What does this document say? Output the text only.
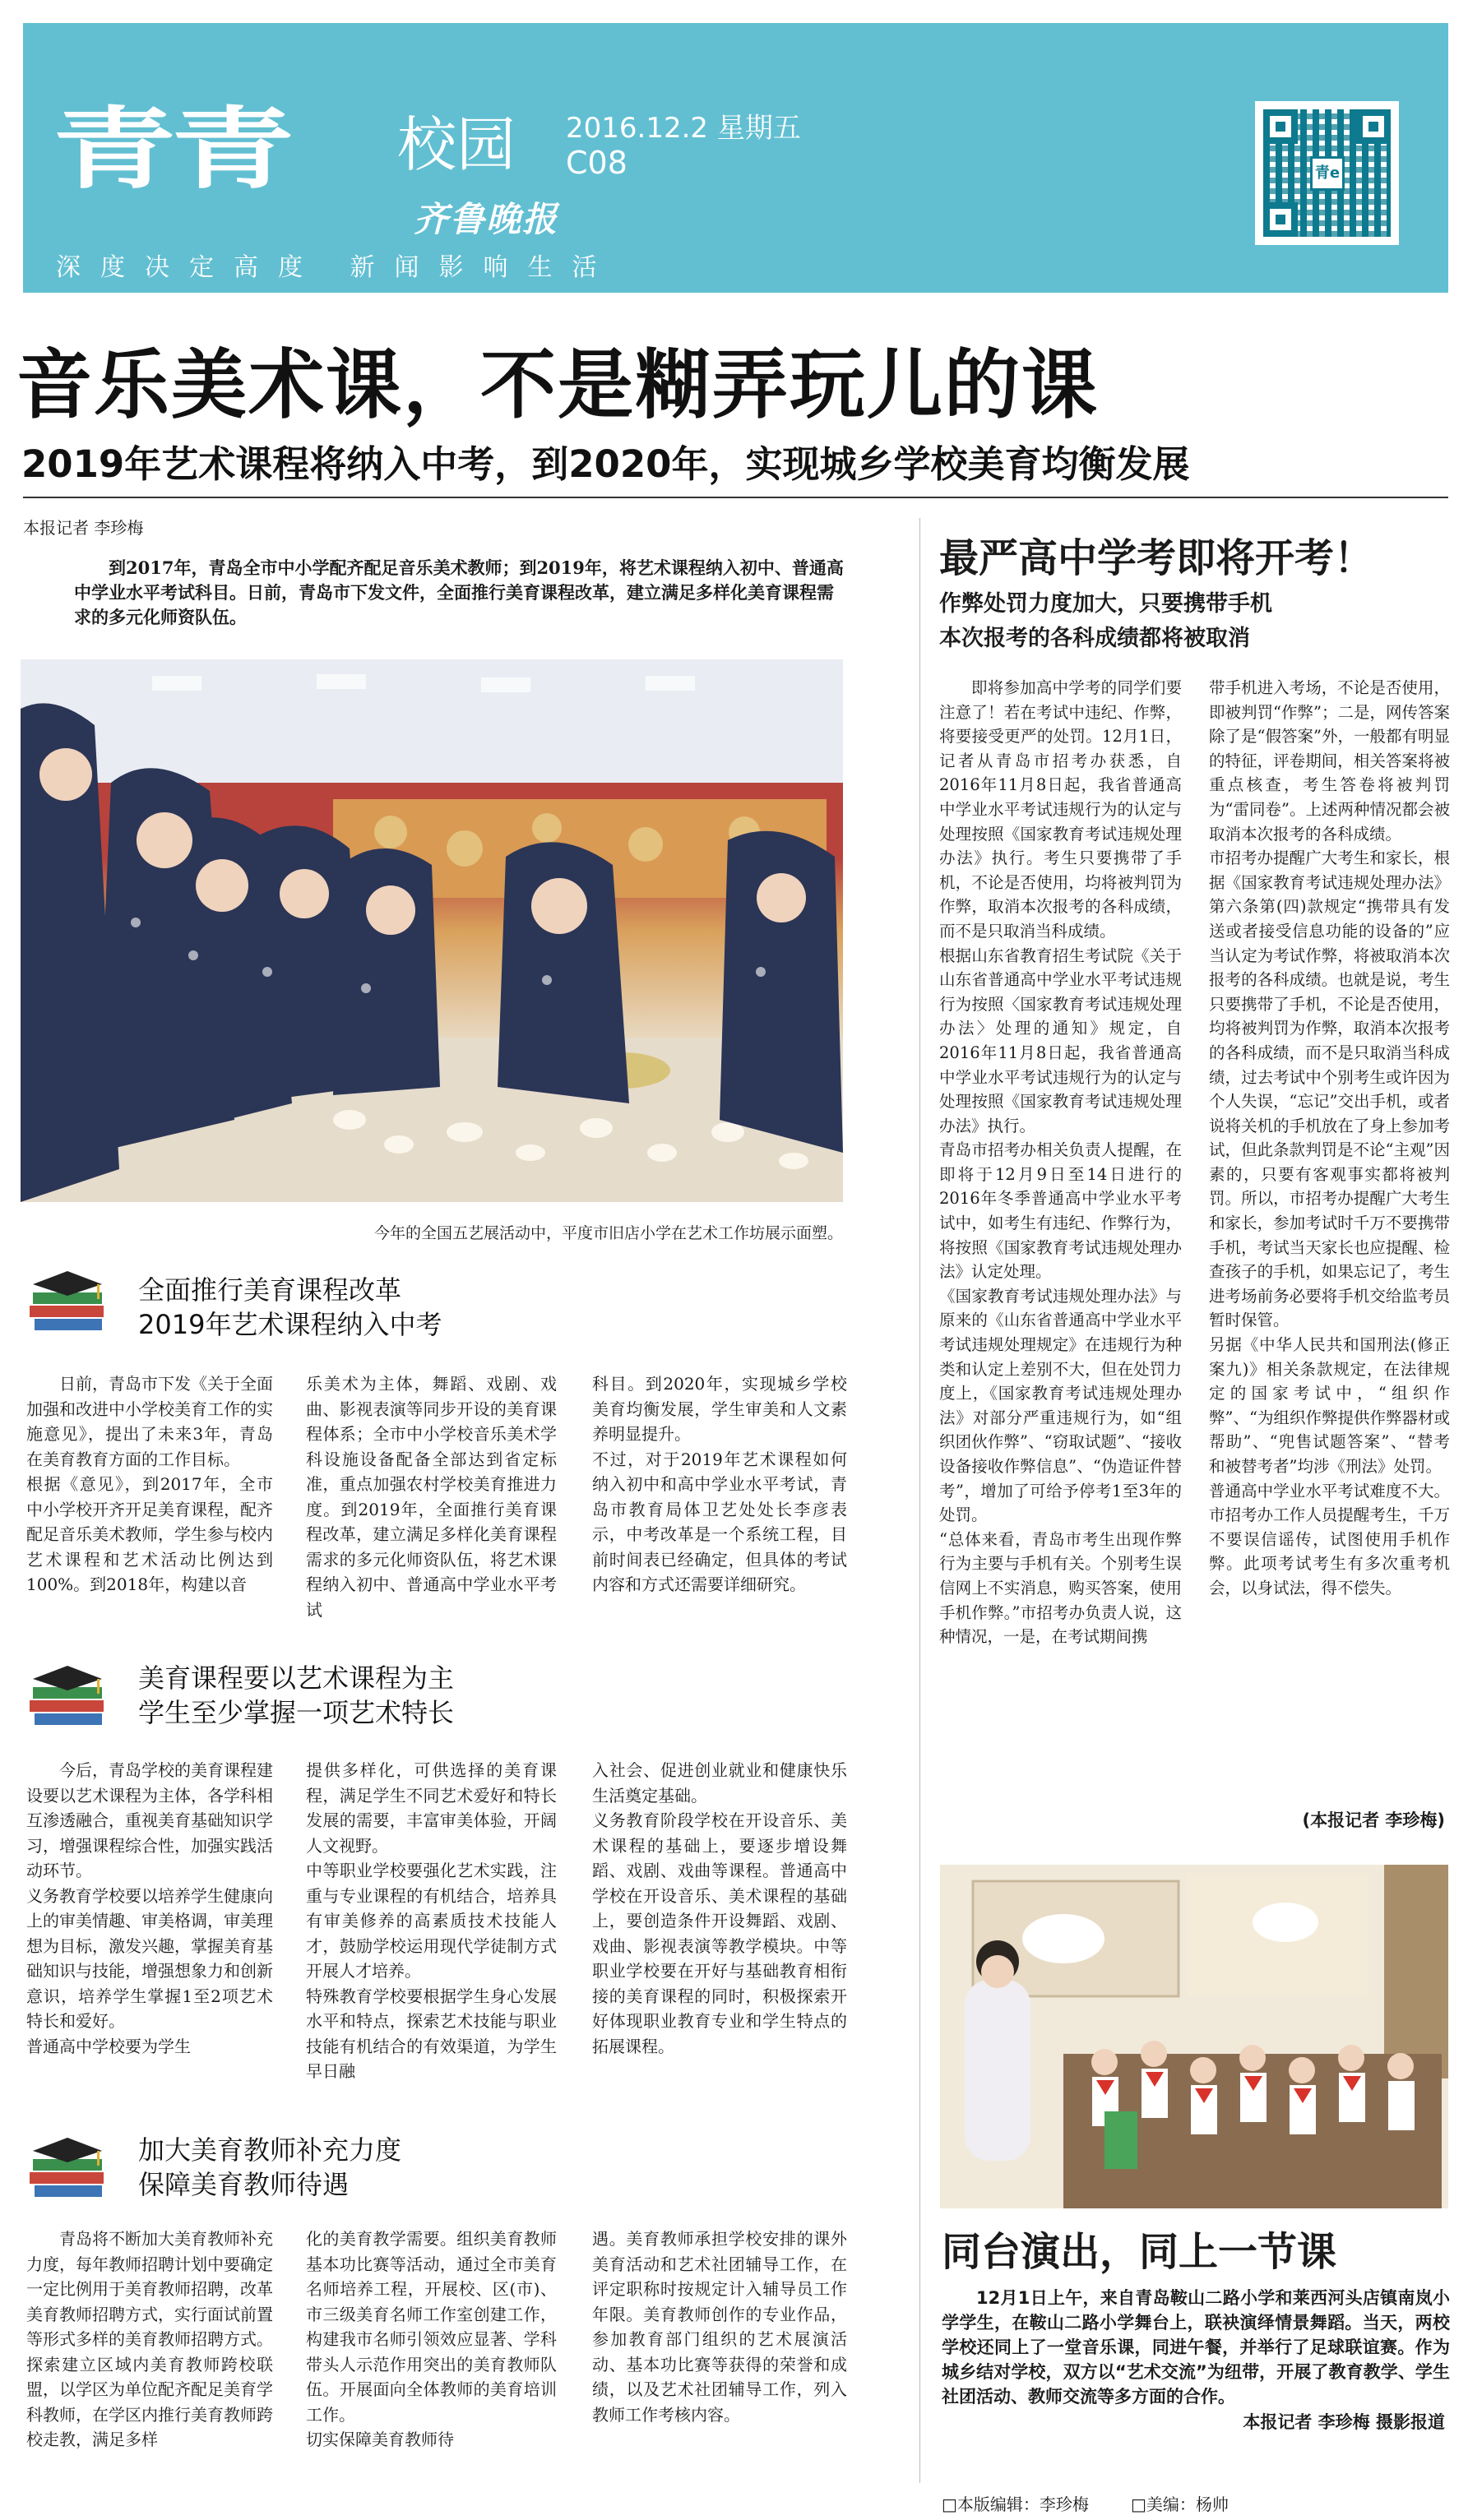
青青 校园
齐鲁晚报
2016.12.2 星期五
C08
深度决定高度 新闻影响生活
青e
音乐美术课，不是糊弄玩儿的课
2019年艺术课程将纳入中考，到2020年，实现城乡学校美育均衡发展
本报记者 李珍梅
到2017年，青岛全市中小学配齐配足音乐美术教师；到2019年，将艺术课程纳入初中、普通高中学业水平考试科目。日前，青岛市下发文件，全面推行美育课程改革，建立满足多样化美育课程需求的多元化师资队伍。
今年的全国五艺展活动中，平度市旧店小学在艺术工作坊展示面塑。
全面推行美育课程改革
2019年艺术课程纳入中考

日前，青岛市下发《关于全面加强和改进中小学校美育工作的实施意见》，提出了未来3年，青岛在美育教育方面的工作目标。
根据《意见》，到2017年，全市中小学校开齐开足美育课程，配齐配足音乐美术教师，学生参与校内艺术课程和艺术活动比例达到100%。到2018年，构建以音

乐美术为主体，舞蹈、戏剧、戏曲、影视表演等同步开设的美育课程体系；全市中小学校音乐美术学科设施设备配备全部达到省定标准，重点加强农村学校美育推进力度。到2019年，全面推行美育课程改革，建立满足多样化美育课程需求的多元化师资队伍，将艺术课程纳入初中、普通高中学业水平考试

科目。到2020年，实现城乡学校美育均衡发展，学生审美和人文素养明显提升。
不过，对于2019年艺术课程如何纳入初中和高中学业水平考试，青岛市教育局体卫艺处处长李彦表示，中考改革是一个系统工程，目前时间表已经确定，但具体的考试内容和方式还需要详细研究。

美育课程要以艺术课程为主
学生至少掌握一项艺术特长

今后，青岛学校的美育课程建设要以艺术课程为主体，各学科相互渗透融合，重视美育基础知识学习，增强课程综合性，加强实践活动环节。
义务教育学校要以培养学生健康向上的审美情趣、审美格调，审美理想为目标，激发兴趣，掌握美育基础知识与技能，增强想象力和创新意识，培养学生掌握1至2项艺术特长和爱好。
普通高中学校要为学生

提供多样化，可供选择的美育课程，满足学生不同艺术爱好和特长发展的需要，丰富审美体验，开阔人文视野。
中等职业学校要强化艺术实践，注重与专业课程的有机结合，培养具有审美修养的高素质技术技能人才，鼓励学校运用现代学徒制方式开展人才培养。
特殊教育学校要根据学生身心发展水平和特点，探索艺术技能与职业技能有机结合的有效渠道，为学生早日融

入社会、促进创业就业和健康快乐生活奠定基础。
义务教育阶段学校在开设音乐、美术课程的基础上，要逐步增设舞蹈、戏剧、戏曲等课程。普通高中学校在开设音乐、美术课程的基础上，要创造条件开设舞蹈、戏剧、戏曲、影视表演等教学模块。中等职业学校要在开好与基础教育相衔接的美育课程的同时，积极探索开好体现职业教育专业和学生特点的拓展课程。

加大美育教师补充力度
保障美育教师待遇

青岛将不断加大美育教师补充力度，每年教师招聘计划中要确定一定比例用于美育教师招聘，改革美育教师招聘方式，实行面试前置等形式多样的美育教师招聘方式。探索建立区域内美育教师跨校联盟，以学区为单位配齐配足美育学科教师，在学区内推行美育教师跨校走教，满足多样

化的美育教学需要。组织美育教师基本功比赛等活动，通过全市美育名师培养工程，开展校、区(市)、市三级美育名师工作室创建工作，构建我市名师引领效应显著、学科带头人示范作用突出的美育教师队伍。开展面向全体教师的美育培训工作。
切实保障美育教师待

遇。美育教师承担学校安排的课外美育活动和艺术社团辅导工作，在评定职称时按规定计入辅导员工作年限。美育教师创作的专业作品，参加教育部门组织的艺术展演活动、基本功比赛等获得的荣誉和成绩，以及艺术社团辅导工作，列入教师工作考核内容。

最严高中学考即将开考！
作弊处罚力度加大，只要携带手机
本次报考的各科成绩都将被取消

即将参加高中学考的同学们要注意了！若在考试中违纪、作弊，将要接受更严的处罚。12月1日，记者从青岛市招考办获悉，自2016年11月8日起，我省普通高中学业水平考试违规行为的认定与处理按照《国家教育考试违规处理办法》执行。考生只要携带了手机，不论是否使用，均将被判罚为作弊，取消本次报考的各科成绩，而不是只取消当科成绩。
根据山东省教育招生考试院《关于山东省普通高中学业水平考试违规行为按照〈国家教育考试违规处理办法〉处理的通知》规定，自2016年11月8日起，我省普通高中学业水平考试违规行为的认定与处理按照《国家教育考试违规处理办法》执行。
青岛市招考办相关负责人提醒，在即将于12月9日至14日进行的2016年冬季普通高中学业水平考试中，如考生有违纪、作弊行为，将按照《国家教育考试违规处理办法》认定处理。
《国家教育考试违规处理办法》与原来的《山东省普通高中学业水平考试违规处理规定》在违规行为种类和认定上差别不大，但在处罚力度上，《国家教育考试违规处理办法》对部分严重违规行为，如“组织团伙作弊”、“窃取试题”、“接收设备接收作弊信息”、“伪造证件替考”，增加了可给予停考1至3年的处罚。
“总体来看，青岛市考生出现作弊行为主要与手机有关。个别考生误信网上不实消息，购买答案，使用手机作弊。”市招考办负责人说，这种情况，一是，在考试期间携

带手机进入考场，不论是否使用，即被判罚“作弊”；二是，网传答案除了是“假答案”外，一般都有明显的特征，评卷期间，相关答案将被重点核查，考生答卷将被判罚为“雷同卷”。上述两种情况都会被取消本次报考的各科成绩。
市招考办提醒广大考生和家长，根据《国家教育考试违规处理办法》第六条第(四)款规定“携带具有发送或者接受信息功能的设备的”应当认定为考试作弊，将被取消本次报考的各科成绩。也就是说，考生只要携带了手机，不论是否使用，均将被判罚为作弊，取消本次报考的各科成绩，而不是只取消当科成绩，过去考试中个别考生或许因为个人失误，“忘记”交出手机，或者说将关机的手机放在了身上参加考试，但此条款判罚是不论“主观”因素的，只要有客观事实都将被判罚。所以，市招考办提醒广大考生和家长，参加考试时千万不要携带手机，考试当天家长也应提醒、检查孩子的手机，如果忘记了，考生进考场前务必要将手机交给监考员暂时保管。
另据《中华人民共和国刑法(修正案九)》相关条款规定，在法律规定的国家考试中，“组织作弊”、“为组织作弊提供作弊器材或帮助”、“兜售试题答案”、“替考和被替考者”均涉《刑法》处罚。
普通高中学业水平考试难度不大。市招考办工作人员提醒考生，千万不要误信谣传，试图使用手机作弊。此项考试考生有多次重考机会，以身试法，得不偿失。

(本报记者 李珍梅)
同台演出，同上一节课
12月1日上午，来自青岛鞍山二路小学和莱西河头店镇南岚小学学生，在鞍山二路小学舞台上，联袂演绎情景舞蹈。当天，两校学校还同上了一堂音乐课，同进午餐，并举行了足球联谊赛。作为城乡结对学校，双方以“艺术交流”为纽带，开展了教育教学、学生社团活动、教师交流等多方面的合作。
本报记者 李珍梅 摄影报道
□本版编辑：李珍梅	□美编：杨帅
